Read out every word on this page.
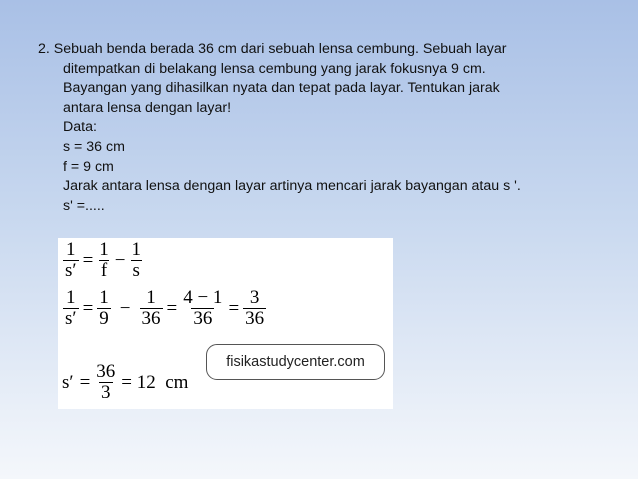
2. Sebuah benda berada 36 cm dari sebuah lensa cembung. Sebuah layar
ditempatkan di belakang lensa cembung yang jarak fokusnya 9 cm.
Bayangan yang dihasilkan nyata dan tepat pada layar. Tentukan jarak
antara lensa dengan layar!
Data:
s = 36 cm
f = 9 cm
Jarak antara lensa dengan layar artinya mencari jarak bayangan atau s '.
s' =.....
$\frac{1}{s'} = \frac{1}{f} - \frac{1}{s}$
$\frac{1}{s'} = \frac{1}{9} - \frac{1}{36} = \frac{4 - 1}{36} = \frac{3}{36}$
$s' = \frac{36}{3} = 12$  cm
fisikastudycenter.com
